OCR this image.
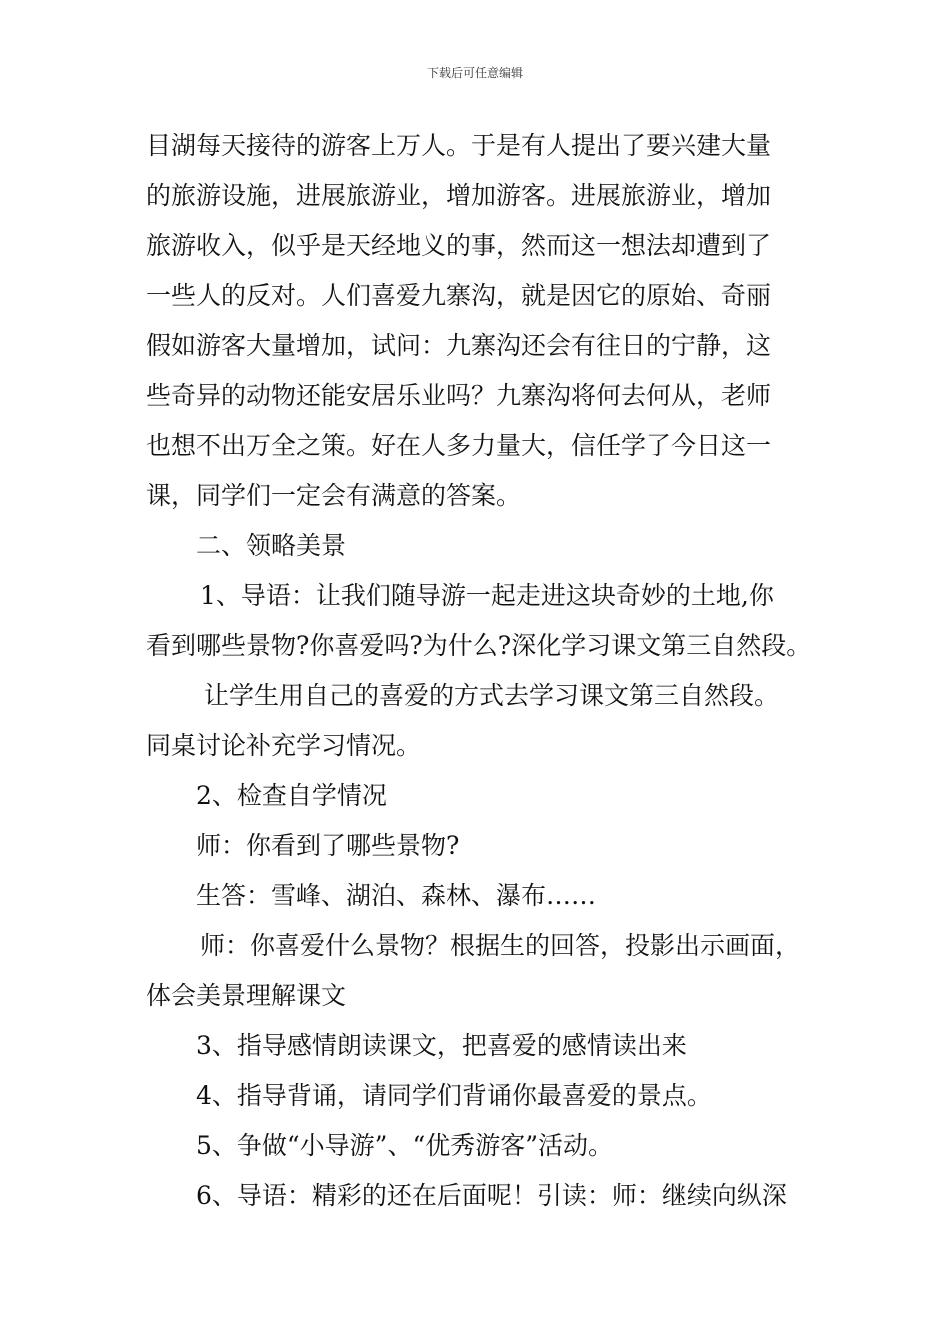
下载后可任意编辑
目湖每天接待的游客上万人。于是有人提出了要兴建大量
的旅游设施，进展旅游业，增加游客。进展旅游业，增加
旅游收入，似乎是天经地义的事，然而这一想法却遭到了
一些人的反对。人们喜爱九寨沟，就是因它的原始、奇丽
假如游客大量增加，试问：九寨沟还会有往日的宁静，这
些奇异的动物还能安居乐业吗？九寨沟将何去何从，老师
也想不出万全之策。好在人多力量大，信任学了今日这一
课，同学们一定会有满意的答案。
二、领略美景
1、导语：让我们随导游一起走进这块奇妙的土地,你
看到哪些景物?你喜爱吗?为什么?深化学习课文第三自然段。
让学生用自己的喜爱的方式去学习课文第三自然段。
同桌讨论补充学习情况。
2、检查自学情况
师：你看到了哪些景物?
生答：雪峰、湖泊、森林、瀑布……
师：你喜爱什么景物？根据生的回答，投影出示画面，
体会美景理解课文
3、指导感情朗读课文，把喜爱的感情读出来
4、指导背诵，请同学们背诵你最喜爱的景点。
5、争做“小导游”、“优秀游客”活动。
6、导语：精彩的还在后面呢！引读：师：继续向纵深
